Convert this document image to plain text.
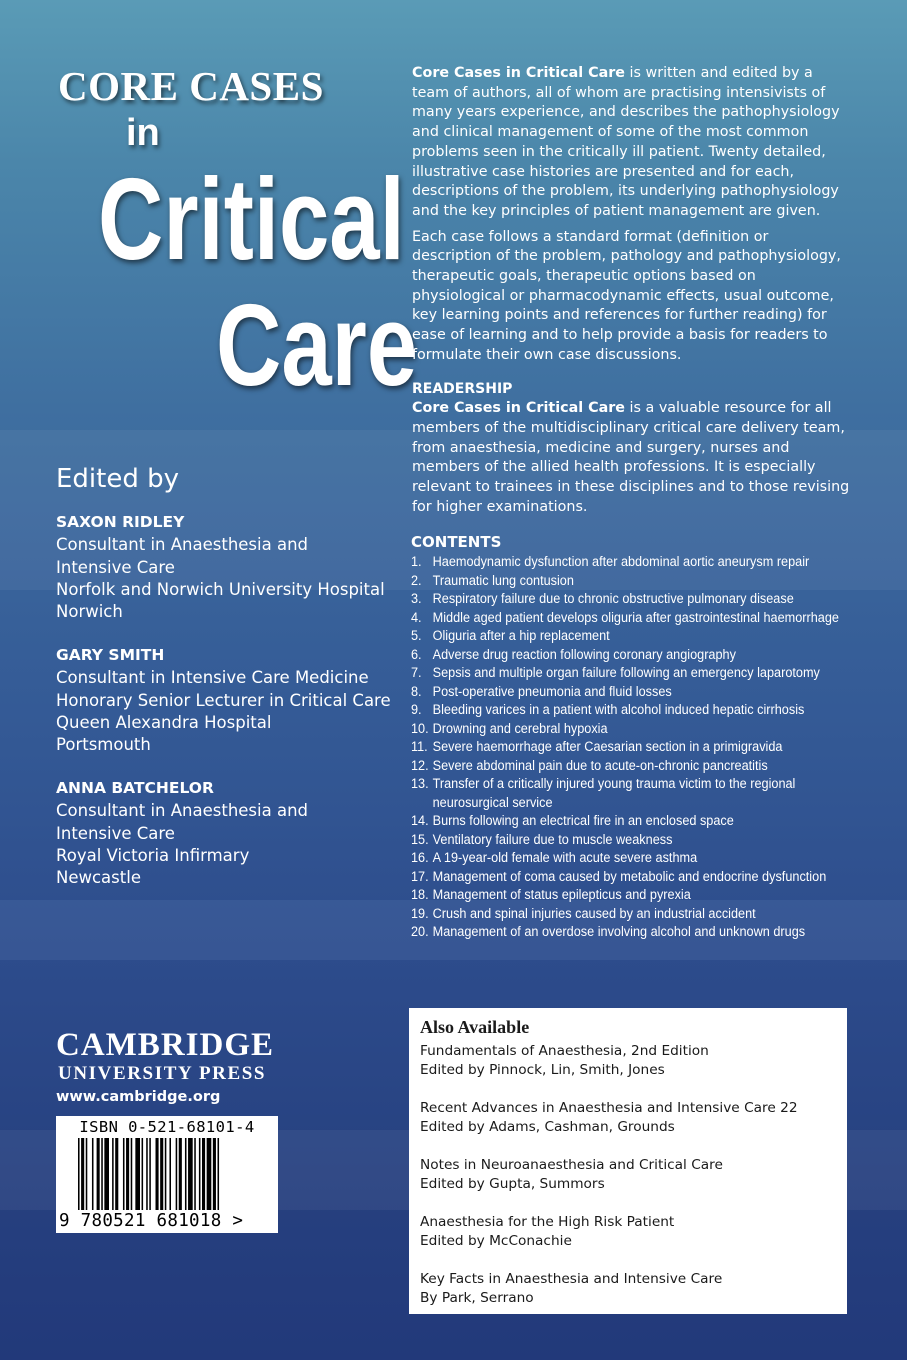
CORE CASES
in
Critical
Care
Edited by
SAXON RIDLEY
Consultant in Anaesthesia and
Intensive Care
Norfolk and Norwich University Hospital
Norwich
GARY SMITH
Consultant in Intensive Care Medicine
Honorary Senior Lecturer in Critical Care
Queen Alexandra Hospital
Portsmouth
ANNA BATCHELOR
Consultant in Anaesthesia and
Intensive Care
Royal Victoria Infirmary
Newcastle

Core Cases in Critical Care is written and edited by a team of authors, all of whom are practising intensivists of many years experience, and describes the pathophysiology and clinical management of some of the most common problems seen in the critically ill patient. Twenty detailed, illustrative case histories are presented and for each, descriptions of the problem, its underlying pathophysiology and the key principles of patient management are given.

Each case follows a standard format (definition or description of the problem, pathology and pathophysiology, therapeutic goals, therapeutic options based on physiological or pharmacodynamic effects, usual outcome, key learning points and references for further reading) for ease of learning and to help provide a basis for readers to formulate their own case discussions.

READERSHIP

Core Cases in Critical Care is a valuable resource for all members of the multidisciplinary critical care delivery team, from anaesthesia, medicine and surgery, nurses and members of the allied health professions. It is especially relevant to trainees in these disciplines and to those revising for higher examinations.

CONTENTS
1. Haemodynamic dysfunction after abdominal aortic aneurysm repair
2. Traumatic lung contusion
3. Respiratory failure due to chronic obstructive pulmonary disease
4. Middle aged patient develops oliguria after gastrointestinal haemorrhage
5. Oliguria after a hip replacement
6. Adverse drug reaction following coronary angiography
7. Sepsis and multiple organ failure following an emergency laparotomy
8. Post-operative pneumonia and fluid losses
9. Bleeding varices in a patient with alcohol induced hepatic cirrhosis
10. Drowning and cerebral hypoxia
11. Severe haemorrhage after Caesarian section in a primigravida
12. Severe abdominal pain due to acute-on-chronic pancreatitis
13. Transfer of a critically injured young trauma victim to the regional neurosurgical service
14. Burns following an electrical fire in an enclosed space
15. Ventilatory failure due to muscle weakness
16. A 19-year-old female with acute severe asthma
17. Management of coma caused by metabolic and endocrine dysfunction
18. Management of status epilepticus and pyrexia
19. Crush and spinal injuries caused by an industrial accident
20. Management of an overdose involving alcohol and unknown drugs
CAMBRIDGE
UNIVERSITY PRESS
www.cambridge.org
ISBN 0-521-68101-4
9 780521 681018 >
Also Available
Fundamentals of Anaesthesia, 2nd Edition
Edited by Pinnock, Lin, Smith, Jones
Recent Advances in Anaesthesia and Intensive Care 22
Edited by Adams, Cashman, Grounds
Notes in Neuroanaesthesia and Critical Care
Edited by Gupta, Summors
Anaesthesia for the High Risk Patient
Edited by McConachie
Key Facts in Anaesthesia and Intensive Care
By Park, Serrano
